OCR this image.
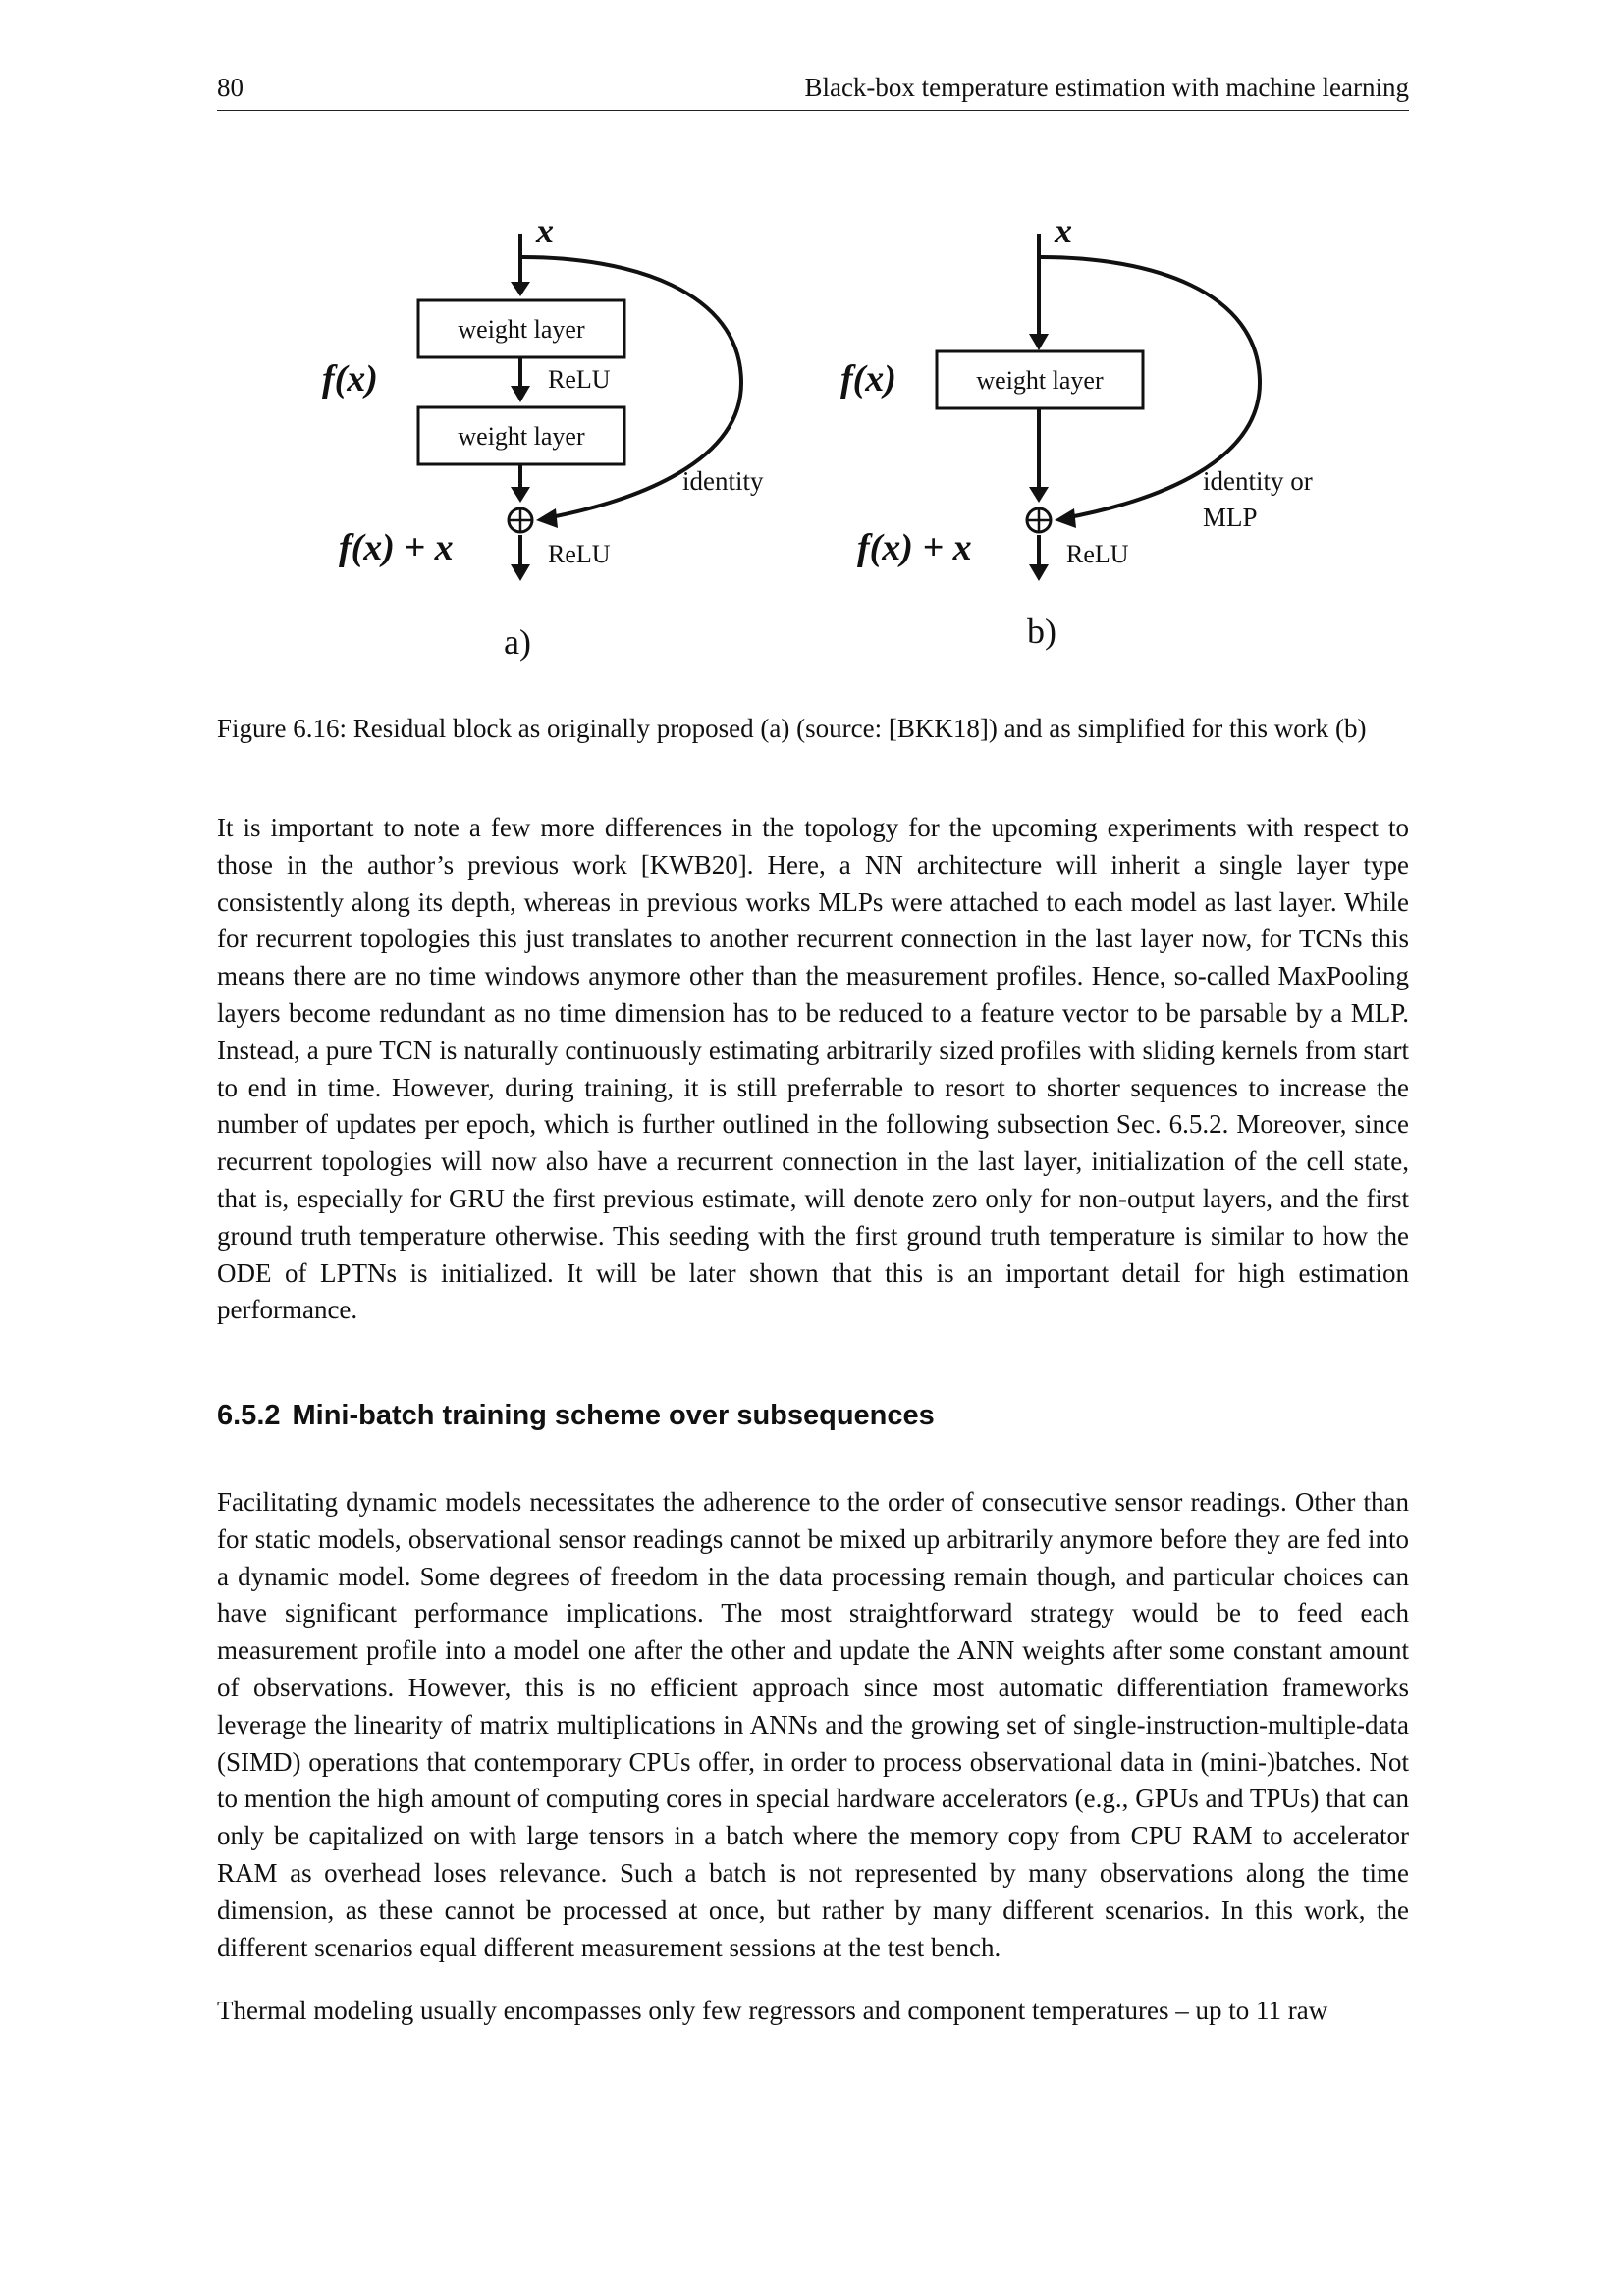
80	Black-box temperature estimation with machine learning
x
weight layer
ReLU
f(x)
weight layer
identity
f(x) + x	ReLU
a)
x
weight layer
f(x)
identity or
MLP
f(x) + x	ReLU
b)
Figure 6.16: Residual block as originally proposed (a) (source: [BKK18]) and as simplified for this work (b)

It is important to note a few more differences in the topology for the upcoming experiments with respect to those in the author’s previous work [KWB20]. Here, a NN architecture will inherit a single layer type consistently along its depth, whereas in previous works MLPs were attached to each model as last layer. While for recurrent topologies this just translates to another recurrent connection in the last layer now, for TCNs this means there are no time windows anymore other than the measurement profiles. Hence, so-called MaxPooling layers become redundant as no time dimension has to be reduced to a feature vector to be parsable by a MLP. Instead, a pure TCN is naturally continuously estimating arbitrarily sized profiles with sliding kernels from start to end in time. However, during training, it is still preferrable to resort to shorter sequences to increase the number of updates per epoch, which is further outlined in the following subsection Sec. 6.5.2. Moreover, since recurrent topologies will now also have a recurrent connection in the last layer, initialization of the cell state, that is, especially for GRU the first previous estimate, will denote zero only for non-output layers, and the first ground truth temperature otherwise. This seeding with the first ground truth temperature is similar to how the ODE of LPTNs is initialized. It will be later shown that this is an important detail for high estimation performance.

6.5.2 Mini-batch training scheme over subsequences

Facilitating dynamic models necessitates the adherence to the order of consecutive sensor readings. Other than for static models, observational sensor readings cannot be mixed up arbitrarily anymore before they are fed into a dynamic model. Some degrees of freedom in the data processing remain though, and particular choices can have significant performance implications. The most straightforward strategy would be to feed each measurement profile into a model one after the other and update the ANN weights after some constant amount of observations. However, this is no efficient approach since most automatic differentiation frameworks leverage the linearity of matrix multiplications in ANNs and the growing set of single-instruction-multiple-data (SIMD) operations that contemporary CPUs offer, in order to process observational data in (mini-)batches. Not to mention the high amount of computing cores in special hardware accelerators (e.g., GPUs and TPUs) that can only be capitalized on with large tensors in a batch where the memory copy from CPU RAM to accelerator RAM as overhead loses relevance. Such a batch is not represented by many observations along the time dimension, as these cannot be processed at once, but rather by many different scenarios. In this work, the different scenarios equal different measurement sessions at the test bench.

Thermal modeling usually encompasses only few regressors and component temperatures – up to 11 raw
